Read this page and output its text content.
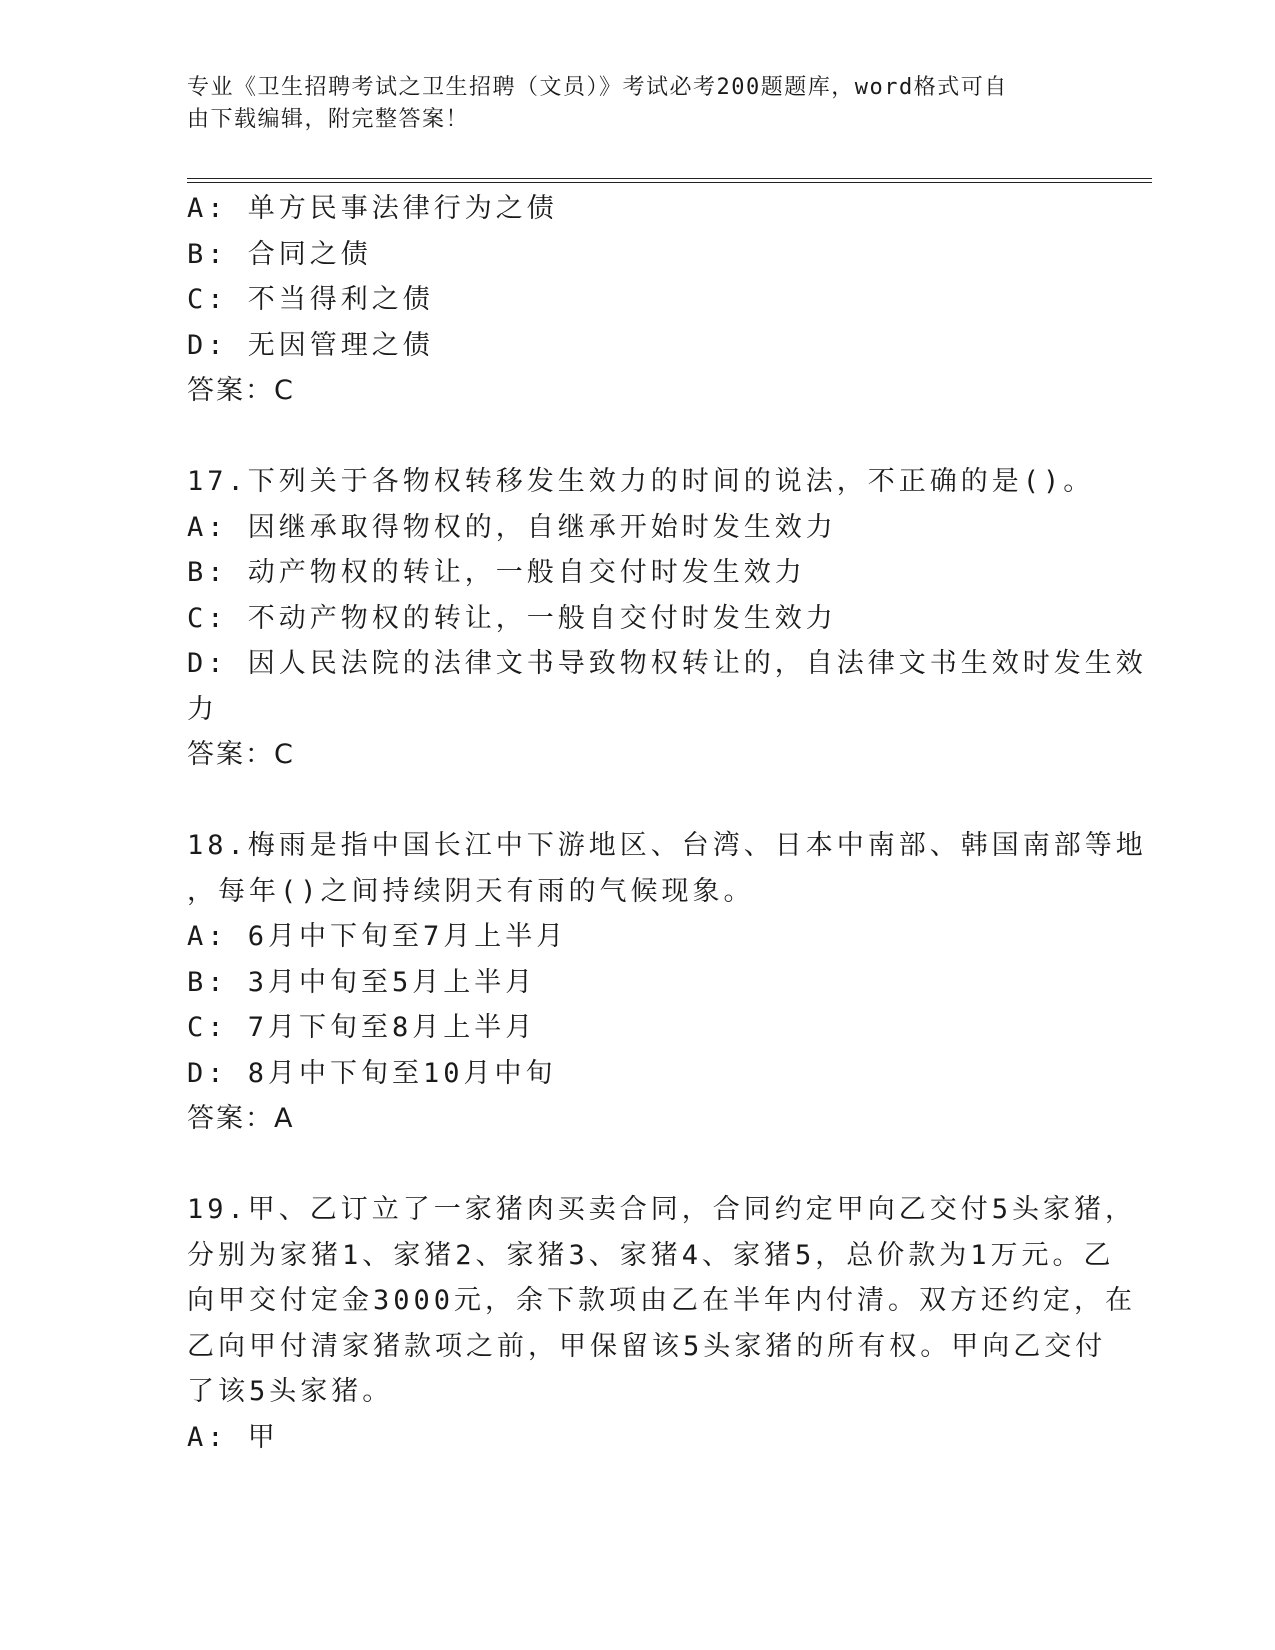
专业《卫生招聘考试之卫生招聘（文员）》考试必考200题题库，word格式可自
由下载编辑，附完整答案！
A: 单方民事法律行为之债
B: 合同之债
C: 不当得利之债
D: 无因管理之债
答案：C
17.下列关于各物权转移发生效力的时间的说法，不正确的是()。
A: 因继承取得物权的，自继承开始时发生效力
B: 动产物权的转让，一般自交付时发生效力
C: 不动产物权的转让，一般自交付时发生效力
D: 因人民法院的法律文书导致物权转让的，自法律文书生效时发生效
力
答案：C
18.梅雨是指中国长江中下游地区、台湾、日本中南部、韩国南部等地
，每年()之间持续阴天有雨的气候现象。
A: 6月中下旬至7月上半月
B: 3月中旬至5月上半月
C: 7月下旬至8月上半月
D: 8月中下旬至10月中旬
答案：A
19.甲、乙订立了一家猪肉买卖合同，合同约定甲向乙交付5头家猪，
分别为家猪1、家猪2、家猪3、家猪4、家猪5，总价款为1万元。乙
向甲交付定金3000元，余下款项由乙在半年内付清。双方还约定，在
乙向甲付清家猪款项之前，甲保留该5头家猪的所有权。甲向乙交付
了该5头家猪。
A: 甲
